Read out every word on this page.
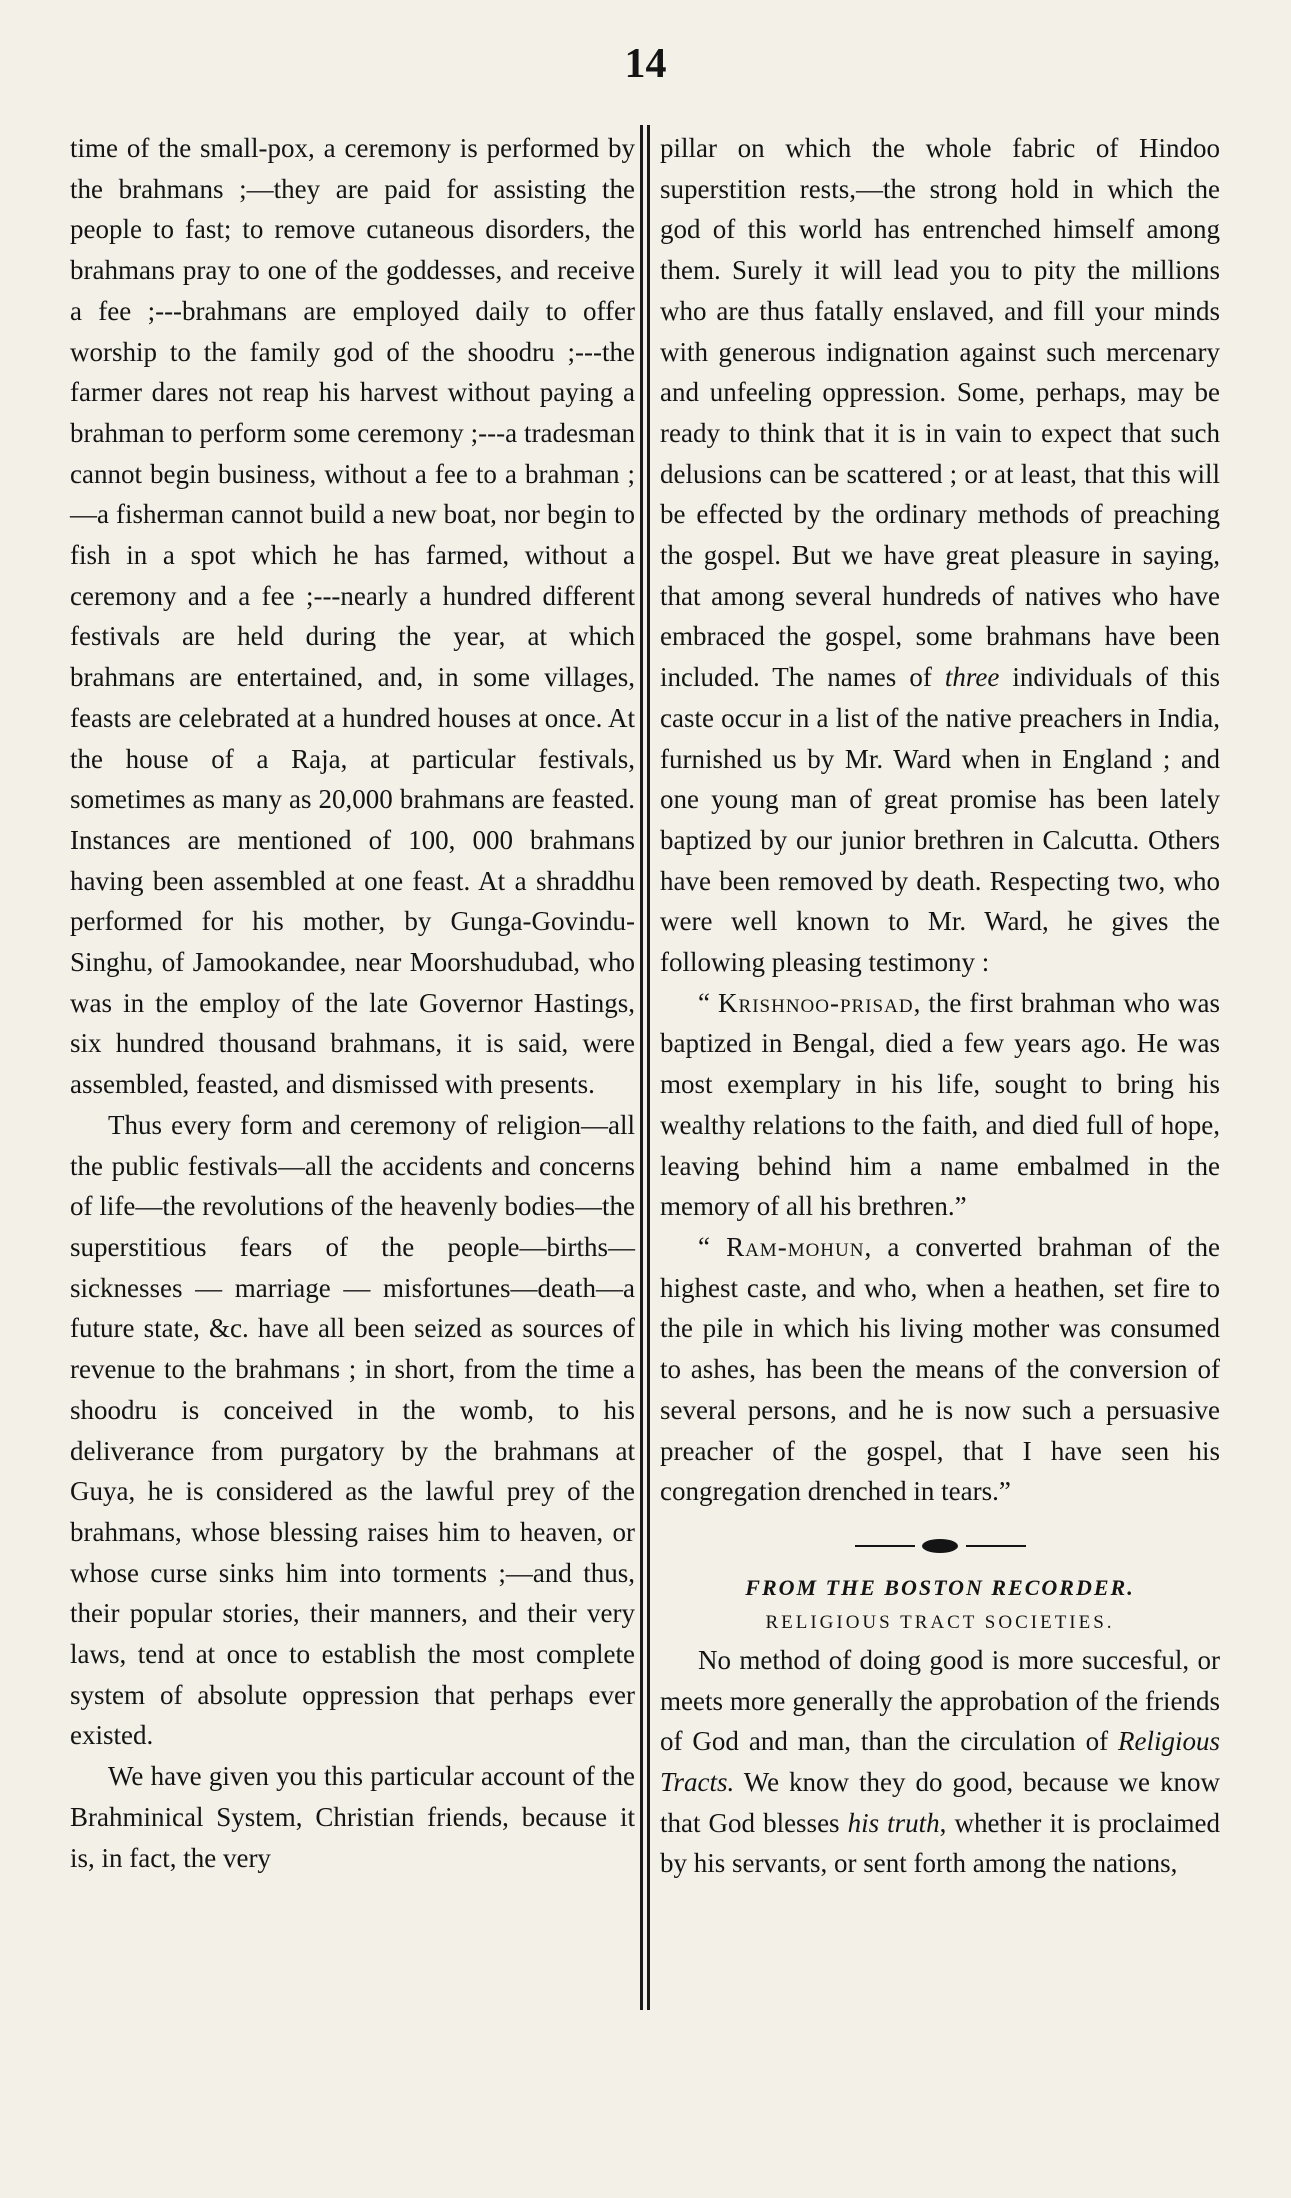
14

time of the small-pox, a ceremony is performed by the brahmans ;—they are paid for assisting the people to fast; to remove cutaneous disorders, the brahmans pray to one of the goddesses, and receive a fee ;---brahmans are employed daily to offer worship to the family god of the shoodru ;---the farmer dares not reap his harvest without paying a brahman to perform some ceremony ;---a tradesman cannot begin business, without a fee to a brahman ;—a fisherman cannot build a new boat, nor begin to fish in a spot which he has farmed, without a ceremony and a fee ;---nearly a hundred different festivals are held during the year, at which brahmans are entertained, and, in some villages, feasts are celebrated at a hundred houses at once. At the house of a Raja, at particular festivals, sometimes as many as 20,000 brahmans are feasted. Instances are mentioned of 100, 000 brahmans having been assembled at one feast. At a shraddhu performed for his mother, by Gunga-Govindu-Singhu, of Jamookandee, near Moorshudubad, who was in the employ of the late Governor Hastings, six hundred thousand brahmans, it is said, were assembled, feasted, and dismissed with presents.

Thus every form and ceremony of religion—all the public festivals—all the accidents and concerns of life—the revolutions of the heavenly bodies—the superstitious fears of the people—births—sicknesses — marriage — misfortunes—death—a future state, &c. have all been seized as sources of revenue to the brahmans ; in short, from the time a shoodru is conceived in the womb, to his deliverance from purgatory by the brahmans at Guya, he is considered as the lawful prey of the brahmans, whose blessing raises him to heaven, or whose curse sinks him into torments ;—and thus, their popular stories, their manners, and their very laws, tend at once to establish the most complete system of absolute oppression that perhaps ever existed.

We have given you this particular account of the Brahminical System, Christian friends, because it is, in fact, the very

pillar on which the whole fabric of Hindoo superstition rests,—the strong hold in which the god of this world has entrenched himself among them. Surely it will lead you to pity the millions who are thus fatally enslaved, and fill your minds with generous indignation against such mercenary and unfeeling oppression. Some, perhaps, may be ready to think that it is in vain to expect that such delusions can be scattered ; or at least, that this will be effected by the ordinary methods of preaching the gospel. But we have great pleasure in saying, that among several hundreds of natives who have embraced the gospel, some brahmans have been included. The names of three individuals of this caste occur in a list of the native preachers in India, furnished us by Mr. Ward when in England ; and one young man of great promise has been lately baptized by our junior brethren in Calcutta. Others have been removed by death. Respecting two, who were well known to Mr. Ward, he gives the following pleasing testimony :

“ Krishnoo-prisad, the first brahman who was baptized in Bengal, died a few years ago. He was most exemplary in his life, sought to bring his wealthy relations to the faith, and died full of hope, leaving behind him a name embalmed in the memory of all his brethren.”

“ Ram-mohun, a converted brahman of the highest caste, and who, when a heathen, set fire to the pile in which his living mother was consumed to ashes, has been the means of the conversion of several persons, and he is now such a persuasive preacher of the gospel, that I have seen his congregation drenched in tears.”

FROM THE BOSTON RECORDER.
RELIGIOUS TRACT SOCIETIES.

No method of doing good is more succesful, or meets more generally the approbation of the friends of God and man, than the circulation of Religious Tracts. We know they do good, because we know that God blesses his truth, whether it is proclaimed by his servants, or sent forth among the nations,
